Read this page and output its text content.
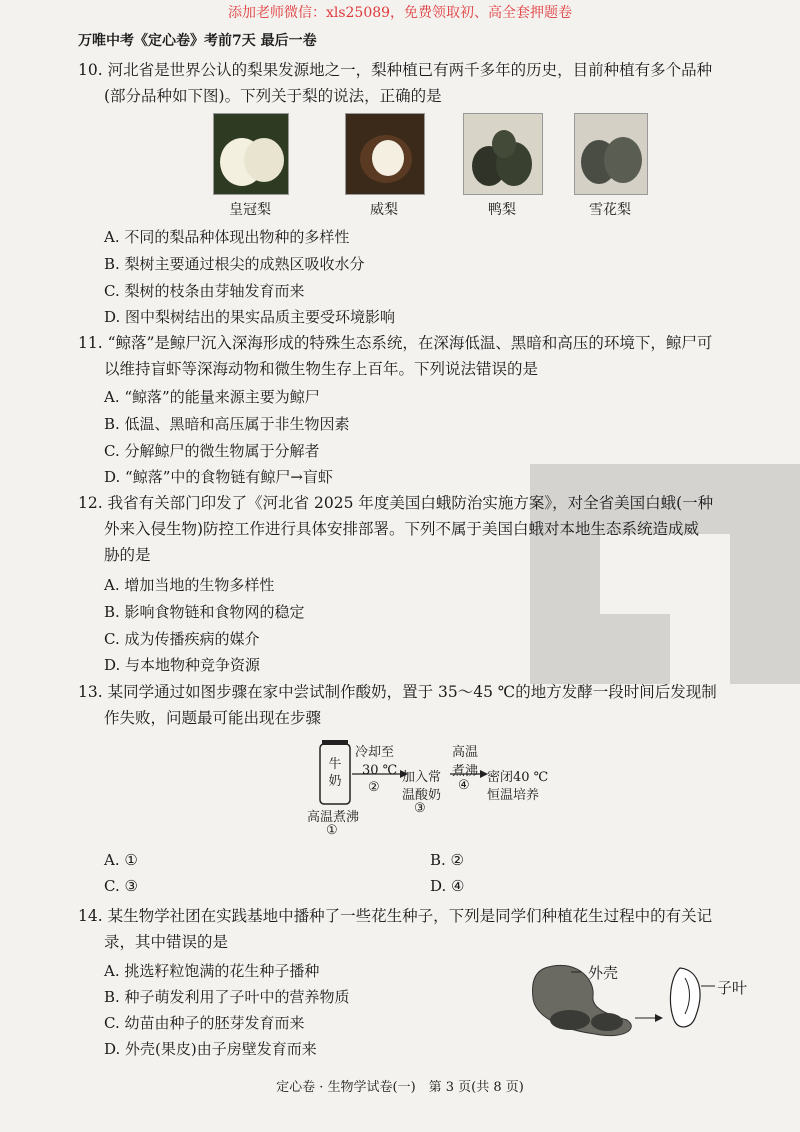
添加老师微信：xls25089，免费领取初、高全套押题卷
万唯中考《定心卷》考前7天 最后一卷
10. 河北省是世界公认的梨果发源地之一，梨种植已有两千多年的历史，目前种植有多个品种
(部分品种如下图)。下列关于梨的说法，正确的是
皇冠梨	威梨	鸭梨	雪花梨
A. 不同的梨品种体现出物种的多样性
B. 梨树主要通过根尖的成熟区吸收水分
C. 梨树的枝条由芽轴发育而来
D. 图中梨树结出的果实品质主要受环境影响
11. “鲸落”是鲸尸沉入深海形成的特殊生态系统，在深海低温、黑暗和高压的环境下，鲸尸可
以维持盲虾等深海动物和微生物生存上百年。下列说法错误的是
A. “鲸落”的能量来源主要为鲸尸
B. 低温、黑暗和高压属于非生物因素
C. 分解鲸尸的微生物属于分解者
D. “鲸落”中的食物链有鲸尸→盲虾
12. 我省有关部门印发了《河北省 2025 年度美国白蛾防治实施方案》，对全省美国白蛾(一种
外来入侵生物)防控工作进行具体安排部署。下列不属于美国白蛾对本地生态系统造成威
胁的是
A. 增加当地的生物多样性
B. 影响食物链和食物网的稳定
C. 成为传播疾病的媒介
D. 与本地物种竞争资源
13. 某同学通过如图步骤在家中尝试制作酸奶，置于 35～45 ℃的地方发酵一段时间后发现制
作失败，问题最可能出现在步骤
牛奶
高温煮沸
①
冷却至
30 ℃
②
加入常
温酸奶
③
高温
煮沸
④
密闭40 ℃
恒温培养
A. ①	B. ②
C. ③	D. ④
14. 某生物学社团在实践基地中播种了一些花生种子，下列是同学们种植花生过程中的有关记
录，其中错误的是
A. 挑选籽粒饱满的花生种子播种
B. 种子萌发利用了子叶中的营养物质
C. 幼苗由种子的胚芽发育而来
D. 外壳(果皮)由子房壁发育而来
外壳
子叶
定心卷 · 生物学试卷(一)　第 3 页(共 8 页)
